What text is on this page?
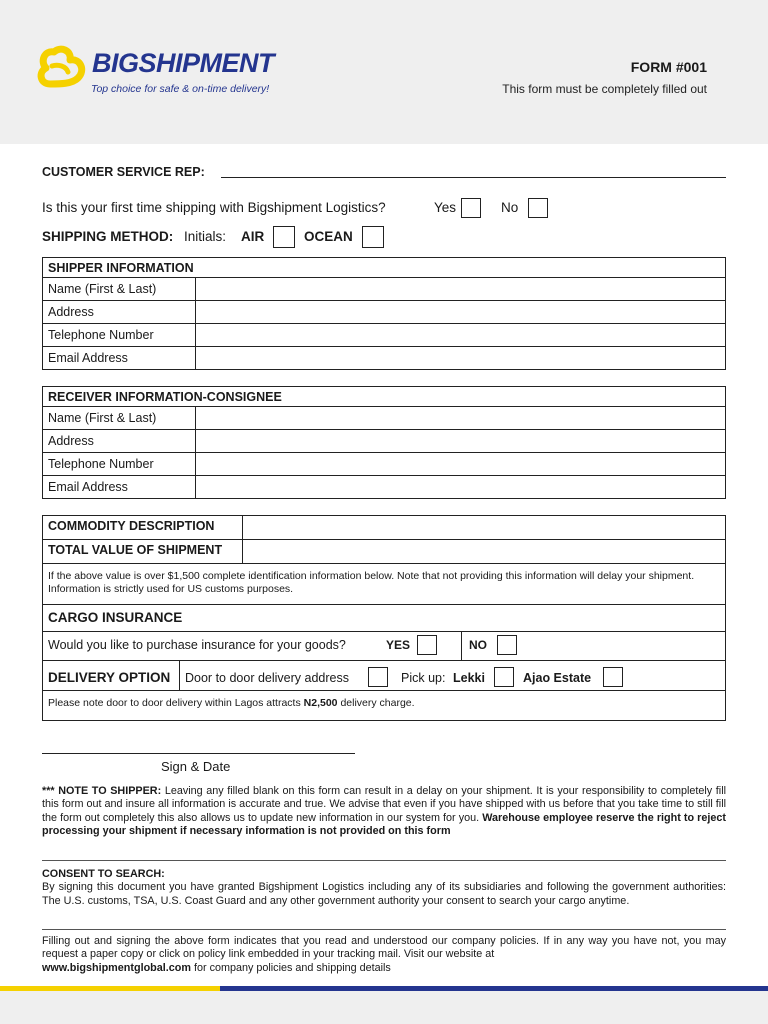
BIGSHIPMENT
Top choice for safe & on-time delivery!
FORM #001
This form must be completely filled out
CUSTOMER SERVICE REP:
Is this your first time shipping with Bigshipment Logistics?	Yes	No
SHIPPING METHOD: Initials: AIR	OCEAN
SHIPPER INFORMATION	
Name (First & Last)	
Address	
Telephone Number	
Email Address	
RECEIVER INFORMATION-CONSIGNEE	
Name (First & Last)	
Address	
Telephone Number	
Email Address	
COMMODITY DESCRIPTION
TOTAL VALUE OF SHIPMENT
If the above value is over $1,500 complete identification information below. Note that not providing this information will delay your shipment. Information is strictly used for US customs purposes.
CARGO INSURANCE
Would you like to purchase insurance for your goods?	YES	NO
DELIVERY OPTION Door to door delivery address	Pick up: Lekki	Ajao Estate
Please note door to door delivery within Lagos attracts N2,500 delivery charge.
Sign & Date
*** NOTE TO SHIPPER: Leaving any filled blank on this form can result in a delay on your shipment. It is your responsibility to completely fill this form out and insure all information is accurate and true. We advise that even if you have shipped with us before that you take time to still fill the form out completely this also allows us to update new information in our system for you. Warehouse employee reserve the right to reject processing your shipment if necessary information is not provided on this form
CONSENT TO SEARCH:
By signing this document you have granted Bigshipment Logistics including any of its subsidiaries and following the government authorities: The U.S. customs, TSA, U.S. Coast Guard and any other government authority your consent to search your cargo anytime.
Filling out and signing the above form indicates that you read and understood our company policies. If in any way you have not, you may request a paper copy or click on policy link embedded in your tracking mail. Visit our website at
www.bigshipmentglobal.com for company policies and shipping details
